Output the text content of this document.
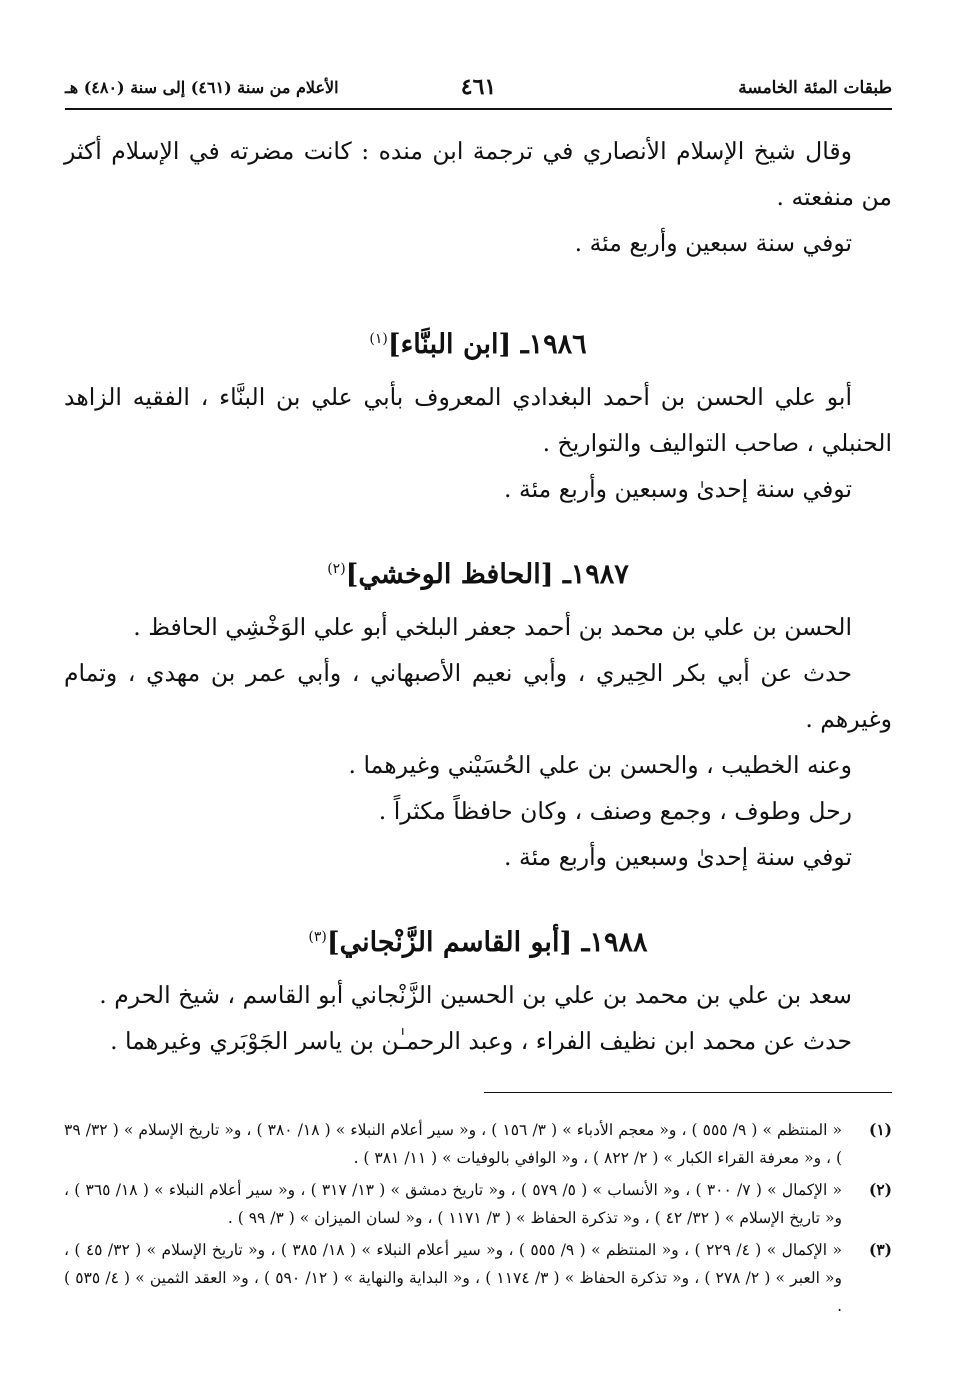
طبقات المئة الخامسة
٤٦١
الأعلام من سنة (٤٦١) إلى سنة (٤٨٠) هـ

وقال شيخ الإسلام الأنصاري في ترجمة ابن منده : كانت مضرته في الإسلام أكثر من منفعته .

توفي سنة سبعين وأربع مئة .

١٩٨٦ـ [ابن البنَّاء]$^{(١)}$

أبو علي الحسن بن أحمد البغدادي المعروف بأبي علي بن البنَّاء ، الفقيه الزاهد الحنبلي ، صاحب التواليف والتواريخ .

توفي سنة إحدىٰ وسبعين وأربع مئة .

١٩٨٧ـ [الحافظ الوخشي]$^{(٢)}$

الحسن بن علي بن محمد بن أحمد جعفر البلخي أبو علي الوَخْشِي الحافظ .

حدث عن أبي بكر الحِيري ، وأبي نعيم الأصبهاني ، وأبي عمر بن مهدي ، وتمام وغيرهم .

وعنه الخطيب ، والحسن بن علي الحُسَيْني وغيرهما .

رحل وطوف ، وجمع وصنف ، وكان حافظاً مكثراً .

توفي سنة إحدىٰ وسبعين وأربع مئة .

١٩٨٨ـ [أبو القاسم الزَّنْجاني]$^{(٣)}$

سعد بن علي بن محمد بن علي بن الحسين الزَّنْجاني أبو القاسم ، شيخ الحرم .

حدث عن محمد ابن نظيف الفراء ، وعبد الرحمـٰن بن ياسر الجَوْبَري وغيرهما .

(١)
« المنتظم » ( ٩/ ٥٥٥ ) ، و« معجم الأدباء » ( ٣/ ١٥٦ ) ، و« سير أعلام النبلاء » ( ١٨/ ٣٨٠ ) ، و« تاريخ الإسلام » ( ٣٢/ ٣٩ ) ، و« معرفة القراء الكبار » ( ٢/ ٨٢٢ ) ، و« الوافي بالوفيات » ( ١١/ ٣٨١ ) .
(٢)
« الإكمال » ( ٧/ ٣٠٠ ) ، و« الأنساب » ( ٥/ ٥٧٩ ) ، و« تاريخ دمشق » ( ١٣/ ٣١٧ ) ، و« سير أعلام النبلاء » ( ١٨/ ٣٦٥ ) ، و« تاريخ الإسلام » ( ٣٢/ ٤٢ ) ، و« تذكرة الحفاظ » ( ٣/ ١١٧١ ) ، و« لسان الميزان » ( ٣/ ٩٩ ) .
(٣)
« الإكمال » ( ٤/ ٢٢٩ ) ، و« المنتظم » ( ٩/ ٥٥٥ ) ، و« سير أعلام النبلاء » ( ١٨/ ٣٨٥ ) ، و« تاريخ الإسلام » ( ٣٢/ ٤٥ ) ، و« العبر » ( ٢/ ٢٧٨ ) ، و« تذكرة الحفاظ » ( ٣/ ١١٧٤ ) ، و« البداية والنهاية » ( ١٢/ ٥٩٠ ) ، و« العقد الثمين » ( ٤/ ٥٣٥ ) .
